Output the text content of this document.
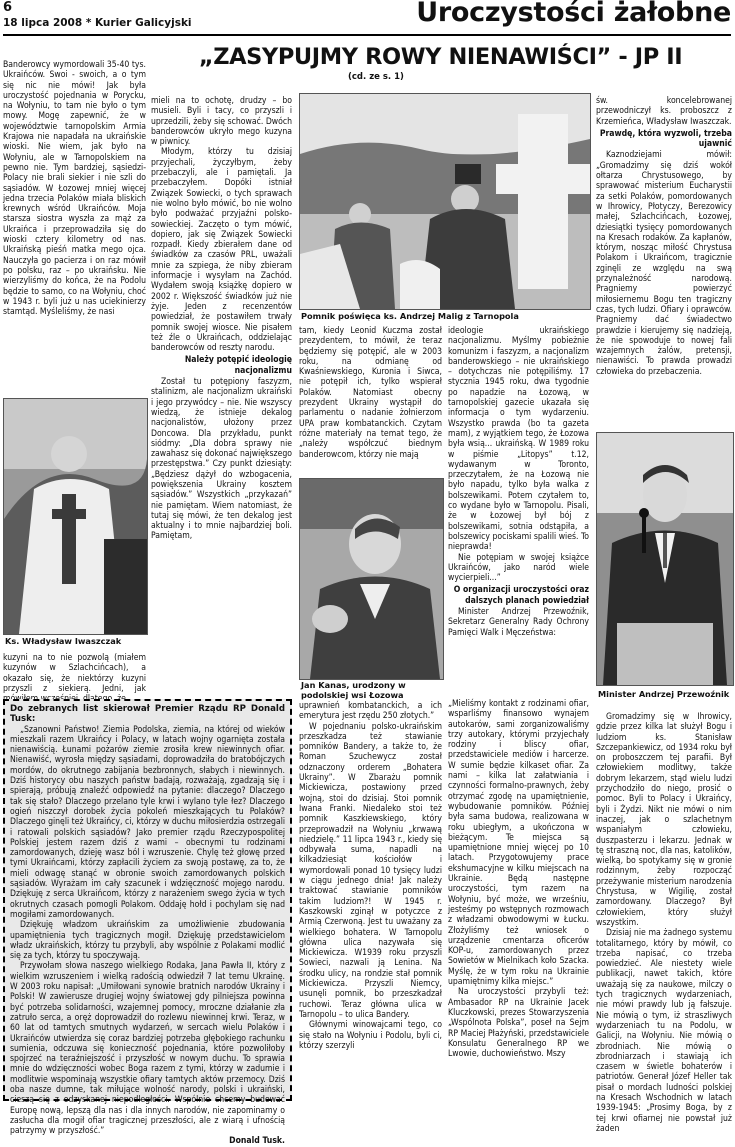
6
18 lipca 2008 * Kurier Galicyjski	Uroczystości żałobne
„ZASYPUJMY ROWY NIENAWIŚCI” - JP II
(cd. ze s. 1)

Banderowcy wymordowali 35-40 tys. Ukraińców. Swoi - swoich, a o tym się nic nie mówi! Jak była uroczystość pojednania w Porycku, na Wołyniu, to tam nie było o tym mowy. Mogę zapewnić, że w województwie tarnopolskim Armia Krajowa nie napadała na ukraińskie wioski. Nie wiem, jak było na Wołyniu, ale w Tarnopolskiem na pewno nie. Tym bardziej, sąsiedzi-Polacy nie brali siekier i nie szli do sąsiadów. W Łozowej mniej więcej jedna trzecia Polaków miała bliskich krewnych wśród Ukraińców. Moja starsza siostra wyszła za mąż za Ukraińca i przeprowadziła się do wioski cztery kilometry od nas. Ukraińską pieśń matka mego ojca. Nauczyła go pacierza i on raz mówił po polsku, raz – po ukraińsku. Nie wierzyliśmy do końca, że na Podolu będzie to samo, co na Wołyniu, choć w 1943 r. byli już u nas uciekinierzy stamtąd. Myśleliśmy, że nasi

Ks. Władysław Iwaszczak

kuzyni na to nie pozwolą (miałem kuzynów w Szlachcińcach), a okazało się, że niektórzy kuzyni przyszli z siekierą. Jedni, jak

mieli na to ochotę, drudzy – bo musieli. Byli i tacy, co przyszli i uprzedzili, żeby się schować. Dwóch banderowców ukryło mego kuzyna w piwnicy.

Młodym, którzy tu dzisiaj przyjechali, życzyłbym, żeby przebaczyli, ale i pamiętali. Ja przebaczyłem. Dopóki istniał Związek Sowiecki, o tych sprawach nie wolno było mówić, bo nie wolno było podważać przyjaźni polsko-sowieckiej. Zaczęto o tym mówić, dopiero, jak się Związek Sowiecki rozpadł. Kiedy zbierałem dane od świadków za czasów PRL, uważali mnie za szpiega, że niby zbieram informacje i wysyłam na Zachód. Wydałem swoją książkę dopiero w 2002 r. Większość świadków już nie żyje. Jeden z recenzentów powiedział, że postawiłem trwały pomnik swojej wiosce. Nie pisałem też źle o Ukraińcach, oddzielając banderowców od reszty narodu.

Należy potępić ideologię nacjonalizmu

Został tu potępiony faszyzm, stalinizm, ale nacjonalizm ukraiński i jego przywódcy – nie. Nie wszyscy wiedzą, że istnieje dekalog nacjonalistów, ułożony przez Doncowa. Dla przykładu, punkt siódmy: „Dla dobra sprawy nie zawahasz się dokonać największego przestępstwa.” Czy punkt dziesiąty: „Będziesz dążył do wzbogacenia, powiększenia Ukrainy kosztem sąsiadów.” Wszystkich „przykazań” nie pamiętam. Wiem natomiast, że tutaj się mówi, że ten dekalog jest aktualny i to mnie najbardziej boli. Pamiętam,

Pomnik poświęca ks. Andrzej Malig z Tarnopola

tam, kiedy Leonid Kuczma został prezydentem, to mówił, że teraz będziemy się potępić, ale w 2003 roku, na odmianę od Kwaśniewskiego, Kuronia i Siwca, nie potępił ich, tylko wspierał Polaków. Natomiast obecny prezydent Ukrainy wystąpił do parlamentu o nadanie żołnierzom UPA praw kombatanckich. Czytam różne materiały na temat tego, że „należy współczuć biednym banderowcom, którzy nie mają

ideologie ukraińskiego nacjonalizmu. Myślmy pobieżnie komunizm i faszyzm, a nacjonalizm banderowskiego – nie ukraińskiego – dotychczas nie potępiliśmy. 17 stycznia 1945 roku, dwa tygodnie po napadzie na Łozową, w tarnopolskiej gazecie ukazała się informacja o tym wydarzeniu. Wszystko prawda (bo ta gazeta mam), z wyjątkiem tego, że Łozowa była wsią... ukraińską. W 1989 roku w piśmie „Litopys” t.12, wydawanym w Toronto, przeczytałem, że na Łozową nie było napadu, tylko była walka z bolszewikami. Potem czytałem to, co wydane było w Tarnopolu. Pisali, że w Łozowej był bój z bolszewikami, sotnia odstąpiła, a bolszewicy pociskami spalili wieś. To nieprawda!

Nie potępiam w swojej książce Ukraińców, jako naród wiele wycierpieli...”

O organizacji uroczystości oraz dalszych planach powiedział

Minister Andrzej Przewoźnik, Sekretarz Generalny Rady Ochrony Pamięci Walk i Męczeństwa:

Jan Kanas, urodzony w podolskiej wsi Łozowa

uprawnień kombatanckich, a ich emerytura jest rzędu 250 złotych.”

W pojednaniu polsko-ukraińskim przeszkadza też stawianie pomników Bandery, a także to, że Roman Szuchewycz został odznaczony orderem „Bohatera Ukrainy”. W Zbarażu pomnik Mickiewicza, postawiony przed wojną, stoi do dzisiaj. Stoi pomnik Iwana Franki. Niedaleko stoi też pomnik Kaszkiewskiego, który przeprowadził na Wołyniu „krwawą niedzielę.” 11 lipca 1943 r., kiedy się odbywała suma, napadli na kilkadziesiąt kościołów i wymordowali ponad 10 tysięcy ludzi w ciągu jednego dnia! Jak należy traktować stawianie pomników takim ludziom?! W 1945 r. Kaszkowski zginął w potyczce z Armią Czerwoną. Jest tu uważany za wielkiego bohatera. W Tarnopolu główna ulica nazywała się Mickiewicza. W1939 roku przyszli Sowieci, nazwali ją Lenina. Na środku ulicy, na rondzie stał pomnik Mickiewicza. Przyszli Niemcy, usunęli pomnik, bo przeszkadzał ruchowi. Teraz główna ulica w Tarnopolu – to ulica Bandery.

Głównymi winowajcami tego, co się stało na Wołyniu i Podolu, byli ci, którzy szerzyli

„Mieliśmy kontakt z rodzinami ofiar, wsparliśmy finansowo wynajem autokarów, sami zorganizowaliśmy trzy autokary, którymi przyjechały rodziny i bliscy ofiar, przedstawiciele mediów i harcerze. W sumie będzie kilkaset ofiar. Za nami – kilka lat załatwiania i czynności formalno-prawnych, żeby otrzymać zgodę na upamiętnienie, wybudowanie pomników. Później była sama budowa, realizowana w roku ubiegłym, a ukończona w bieżącym. Te miejsca są upamiętnione mniej więcej po 10 latach. Przygotowujemy prace ekshumacyjne w kilku miejscach na Ukrainie. Będą następne uroczystości, tym razem na Wołyniu, być może, we wrześniu, jesteśmy po wstępnych rozmowach z władzami obwodowymi w Łucku. Złożyliśmy też wniosek o urządzenie cmentarza oficerów KOP-u, zamordowanych przez Sowietów w Mielnikach koło Szacka. Myślę, że w tym roku na Ukrainie upamiętnimy kilka miejsc.”

Na uroczystości przybyli też: Ambasador RP na Ukrainie Jacek Kluczkowski, prezes Stowarzyszenia „Wspólnota Polska”, poseł na Sejm RP Maciej Płażyński, przedstawiciele Konsulatu Generalnego RP we Lwowie, duchowieństwo. Mszy

św. koncelebrowanej przewodniczył ks. proboszcz z Krzemieńca, Władysław Iwaszczak.

Prawdę, która wyzwoli, trzeba ujawnić

Kaznodziejami mówił: „Gromadzimy się dziś wokół ołtarza Chrystusowego, by sprawować misterium Eucharystii za setki Polaków, pomordowanych w Ihrowicy, Płotyczy, Berezowicy małej, Szlachcińcach, Łozowej, dziesiątki tysięcy pomordowanych na Kresach rodaków. Za kapłanów, którym, nosząc miłość Chrystusa Polakom i Ukraińcom, tragicznie zginęli ze względu na swą przynależność narodową. Pragniemy powierzyć miłosiernemu Bogu ten tragiczny czas, tych ludzi. Ofiary i oprawców. Pragniemy dać świadectwo prawdzie i kierujemy się nadzieją, że nie spowoduje to nowej fali wzajemnych żalów, pretensji, nienawiści. To prawda prowadzi człowieka do przebaczenia.

Minister Andrzej Przewoźnik

Gromadzimy się w Ihrowicy, gdzie przez kilka lat służył Bogu i ludziom ks. Stanisław Szczepankiewicz, od 1934 roku był on proboszczem tej parafii. Był człowiekiem modlitwy, także dobrym lekarzem, stąd wielu ludzi przychodziło do niego, prosić o pomoc. Byli to Polacy i Ukraińcy, byli i Żydzi. Nikt nie mówi o nim inaczej, jak o szlachetnym wspaniałym człowieku, duszpasterzu i lekarzu. Jednak w tę straszną noc, dla nas, katolików, wielką, bo spotykamy się w gronie rodzinnym, żeby rozpocząć przeżywanie misterium narodzenia Chrystusa, w Wigilię, został zamordowany. Dlaczego? Był człowiekiem, który służył wszystkim.

Dzisiaj nie ma żadnego systemu totalitarnego, który by mówił, co trzeba napisać, co trzeba powiedzieć. Ale niestety wiele publikacji, nawet takich, które uważają się za naukowe, milczy o tych tragicznych wydarzeniach, nie mówi prawdy lub ją fałszuje. Nie mówią o tym, iż straszliwych wydarzeniach tu na Podolu, w Galicji, na Wołyniu. Nie mówią o zbrodniach. Nie mówią o zbrodniarzach i stawiają ich czasem w świetle bohaterów i patriotów. Generał Józef Heller tak pisał o mordach ludności polskiej na Kresach Wschodnich w latach 1939-1945: „Prosimy Boga, by z tej krwi ofiarnej nie powstał już żaden

Do zebranych list skierował Premier Rządu RP Donald Tusk:

„Szanowni Państwo! Ziemia Podolska, ziemia, na której od wieków mieszkali razem Ukraińcy i Polacy, w latach wojny ogarnięta została nienawiścią. Łunami pożarów ziemie zrosiła krew niewinnych ofiar. Nienawiść, wyrosła między sąsiadami, doprowadziła do bratobójczych mordów, do okrutnego zabijania bezbronnych, słabych i niewinnych. Dziś historycy obu naszych państw badają, rozważają, zgadzają się i spierają, próbują znaleźć odpowiedź na pytanie: dlaczego? Dlaczego tak się stało? Dlaczego przelano tyle krwi i wylano tyle łez? Dlaczego ogień niszczył dorobek życia pokoleń mieszkających tu Polaków? Dlaczego ginęli też Ukraińcy, ci, którzy w duchu miłosierdzia ostrzegali i ratowali polskich sąsiadów? Jako premier rządu Rzeczypospolitej Polskiej jestem razem dziś z wami – obecnymi tu rodzinami zamordowanych, dzieję wasz ból i wzruszenie. Chylę też głowę przed tymi Ukraińcami, którzy zapłacili życiem za swoją postawę, za to, że mieli odwagę stanąć w obronie swoich zamordowanych polskich sąsiadów. Wyrażam im cały szacunek i wdzięczność mojego narodu. Dziękuję z serca Ukraińcom, którzy z narażeniem swego życia w tych okrutnych czasach pomogli Polakom. Oddaję hołd i pochylam się nad mogiłami zamordowanych.

Dziękuję władzom ukraińskim za umożliwienie zbudowania upamiętnienia tych tragicznych mogił. Dziękuję przedstawicielom władz ukraińskich, którzy tu przybyli, aby wspólnie z Polakami modlić się za tych, którzy tu spoczywają.

Przywołam słowa naszego wielkiego Rodaka, Jana Pawła II, który z wielkim wzruszeniem i wielką radością odwiedził 7 lat temu Ukrainę. W 2003 roku napisał: „Umiłowani synowie bratnich narodów Ukrainy i Polski! W zawierusze drugiej wojny światowej gdy pilniejsza powinna być potrzeba solidarności, wzajemnej pomocy, mroczne działanie zła zatruło serca, a oręż doprowadził do rozlewu niewinnej krwi. Teraz, w 60 lat od tamtych smutnych wydarzeń, w sercach wielu Polaków i Ukraińców utwierdza się coraz bardziej potrzeba głębokiego rachunku sumienia, odczuwa się konieczność pojednania, które pozwoliłoby spojrzeć na teraźniejszość i przyszłość w nowym duchu. To sprawia mnie do wdzięczności wobec Boga razem z tymi, którzy w zadumie i modlitwie wspominają wszystkie ofiary tamtych aktów przemocy. Dziś oba nasze dumne, tak miłujące wolność narody, polski i ukraiński, cieszą się z odzyskanej niepodległości. Wspólnie chcemy budować Europę nową, lepszą dla nas i dla innych narodów, nie zapominamy o zasłucha dla mogił ofiar tragicznej przeszłości, ale z wiarą i ufnością patrzymy w przyszłość.”

Donald Tusk.
